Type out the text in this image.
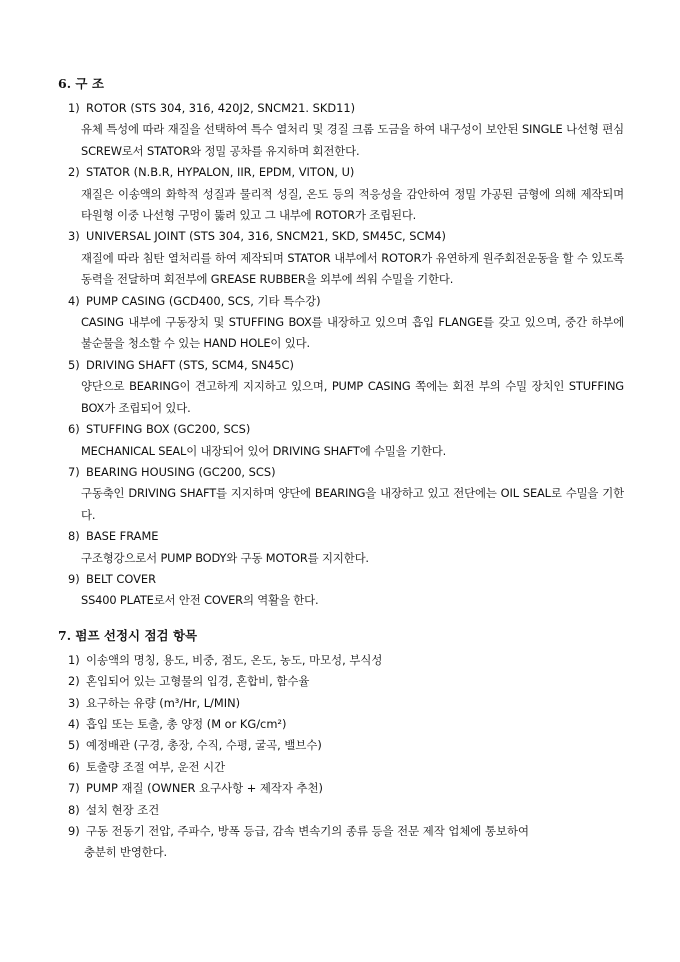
6. 구 조
1) ROTOR (STS 304, 316, 420J2, SNCM21. SKD11)
유체 특성에 따라 재질을 선택하여 특수 열처리 및 경질 크롬 도금을 하여 내구성이 보안된 SINGLE 나선형 편심 SCREW로서 STATOR와 정밀 공차를 유지하며 회전한다.
2) STATOR (N.B.R, HYPALON, IIR, EPDM, VITON, U)
재질은 이송액의 화학적 성질과 물리적 성질, 온도 등의 적응성을 감안하여 정밀 가공된 금형에 의해 제작되며 타원형 이중 나선형 구멍이 뚫려 있고 그 내부에 ROTOR가 조립된다.
3) UNIVERSAL JOINT (STS 304, 316, SNCM21, SKD, SM45C, SCM4)
재질에 따라 침탄 열처리를 하여 제작되며 STATOR 내부에서 ROTOR가 유연하게 원주회전운동을 할 수 있도록 동력을 전달하며 회전부에 GREASE RUBBER을 외부에 씌워 수밀을 기한다.
4) PUMP CASING (GCD400, SCS, 기타 특수강)
CASING 내부에 구동장치 및 STUFFING BOX를 내장하고 있으며 흡입 FLANGE를 갖고 있으며, 중간 하부에 불순물을 청소할 수 있는 HAND HOLE이 있다.
5) DRIVING SHAFT (STS, SCM4, SN45C)
양단으로 BEARING이 견고하게 지지하고 있으며, PUMP CASING 쪽에는 회전 부의 수밀 장치인 STUFFING BOX가 조립되어 있다.
6) STUFFING BOX (GC200, SCS)
MECHANICAL SEAL이 내장되어 있어 DRIVING SHAFT에 수밀을 기한다.
7) BEARING HOUSING (GC200, SCS)
구동축인 DRIVING SHAFT를 지지하며 양단에 BEARING을 내장하고 있고 전단에는 OIL SEAL로 수밀을 기한다.
8) BASE FRAME
구조형강으로서 PUMP BODY와 구동 MOTOR를 지지한다.
9) BELT COVER
SS400 PLATE로서 안전 COVER의 역활을 한다.
7. 펌프 선정시 점검 항목
1) 이송액의 명칭, 용도, 비중, 점도, 온도, 농도, 마모성, 부식성
2) 혼입되어 있는 고형물의 입경, 혼합비, 함수율
3) 요구하는 유량 (m³/Hr, L/MIN)
4) 흡입 또는 토출, 총 양정 (M or KG/cm²)
5) 예정배관 (구경, 총장, 수직, 수평, 굴곡, 밸브수)
6) 토출량 조절 여부, 운전 시간
7) PUMP 재질 (OWNER 요구사항 + 제작자 추천)
8) 설치 현장 조건
9) 구동 전동기 전압, 주파수, 방폭 등급, 감속 변속기의 종류 등을 전문 제작 업체에 통보하여
충분히 반영한다.
